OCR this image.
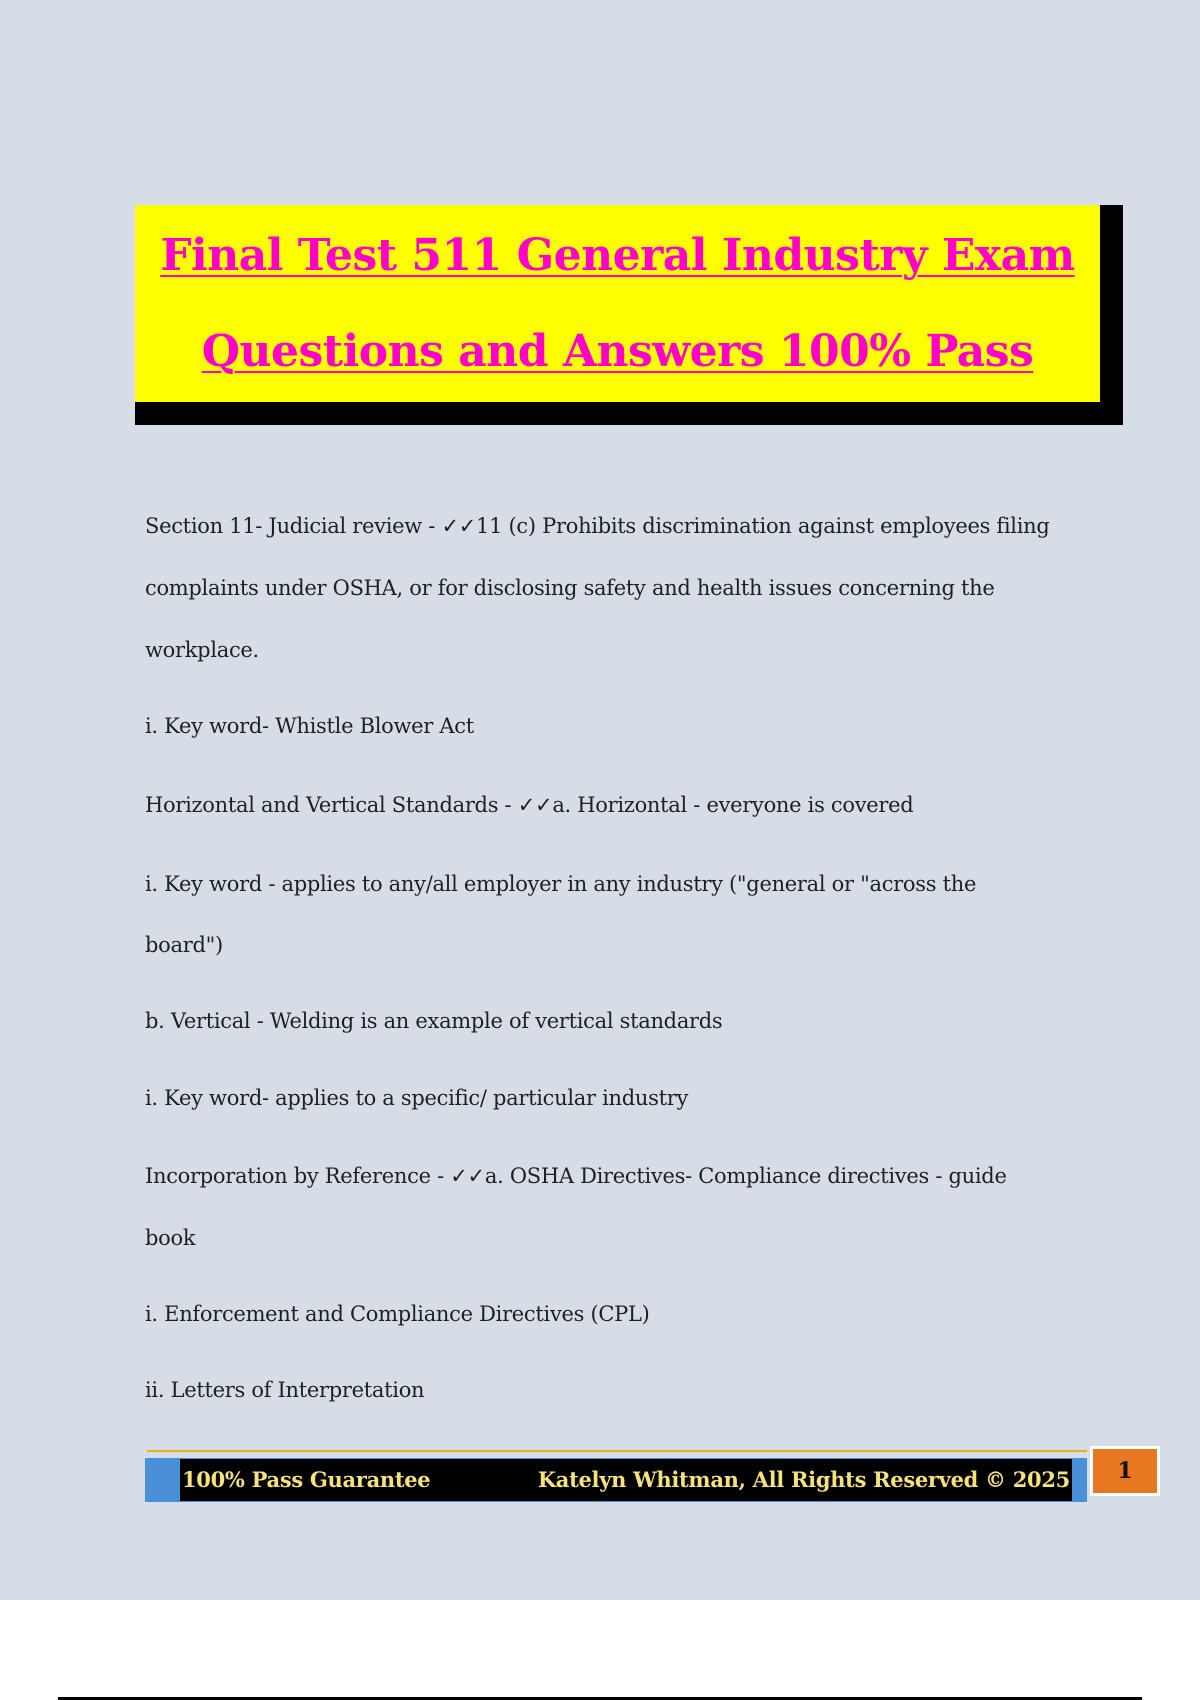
Final Test 511 General Industry Exam
Questions and Answers 100% Pass
Section 11- Judicial review - ✓✓11 (c) Prohibits discrimination against employees filing
complaints under OSHA, or for disclosing safety and health issues concerning the
workplace.
i. Key word- Whistle Blower Act
Horizontal and Vertical Standards - ✓✓a. Horizontal - everyone is covered
i. Key word - applies to any/all employer in any industry ("general or "across the
board")
b. Vertical - Welding is an example of vertical standards
i. Key word- applies to a specific/ particular industry
Incorporation by Reference - ✓✓a. OSHA Directives- Compliance directives - guide
book
i. Enforcement and Compliance Directives (CPL)
ii. Letters of Interpretation
100% Pass Guarantee	Katelyn Whitman, All Rights Reserved © 2025	1
